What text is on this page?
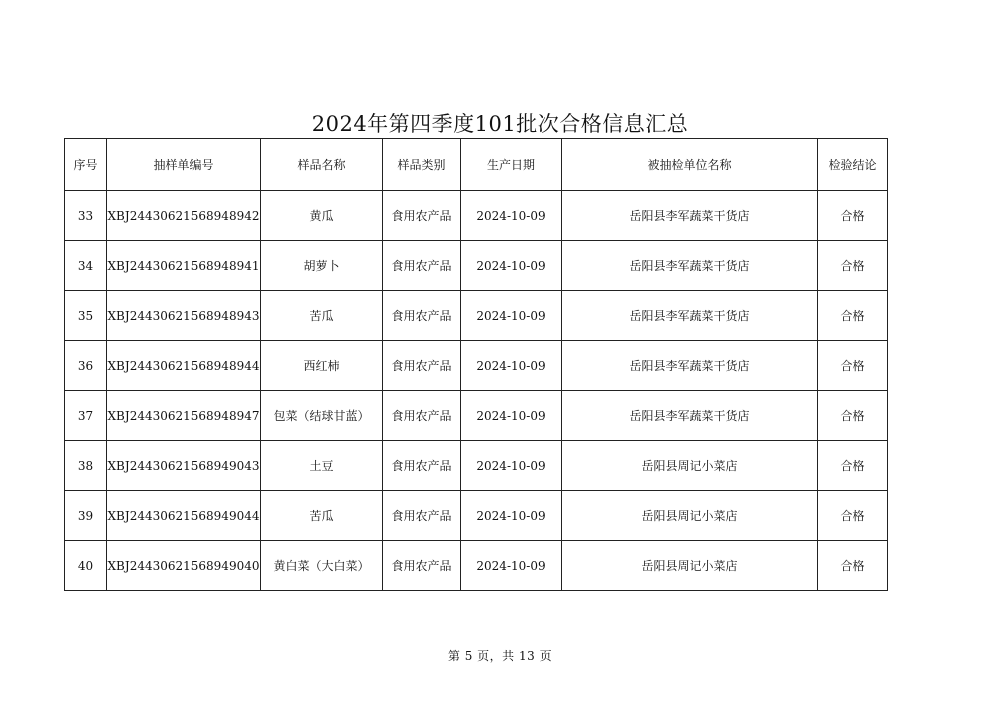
2024年第四季度101批次合格信息汇总
序号	抽样单编号	样品名称	样品类别	生产日期	被抽检单位名称	检验结论
33	XBJ24430621568948942	黄瓜	食用农产品	2024-10-09	岳阳县李军蔬菜干货店	合格
34	XBJ24430621568948941	胡萝卜	食用农产品	2024-10-09	岳阳县李军蔬菜干货店	合格
35	XBJ24430621568948943	苦瓜	食用农产品	2024-10-09	岳阳县李军蔬菜干货店	合格
36	XBJ24430621568948944	西红柿	食用农产品	2024-10-09	岳阳县李军蔬菜干货店	合格
37	XBJ24430621568948947	包菜（结球甘蓝）	食用农产品	2024-10-09	岳阳县李军蔬菜干货店	合格
38	XBJ24430621568949043	土豆	食用农产品	2024-10-09	岳阳县周记小菜店	合格
39	XBJ24430621568949044	苦瓜	食用农产品	2024-10-09	岳阳县周记小菜店	合格
40	XBJ24430621568949040	黄白菜（大白菜）	食用农产品	2024-10-09	岳阳县周记小菜店	合格
第 5 页，共 13 页
